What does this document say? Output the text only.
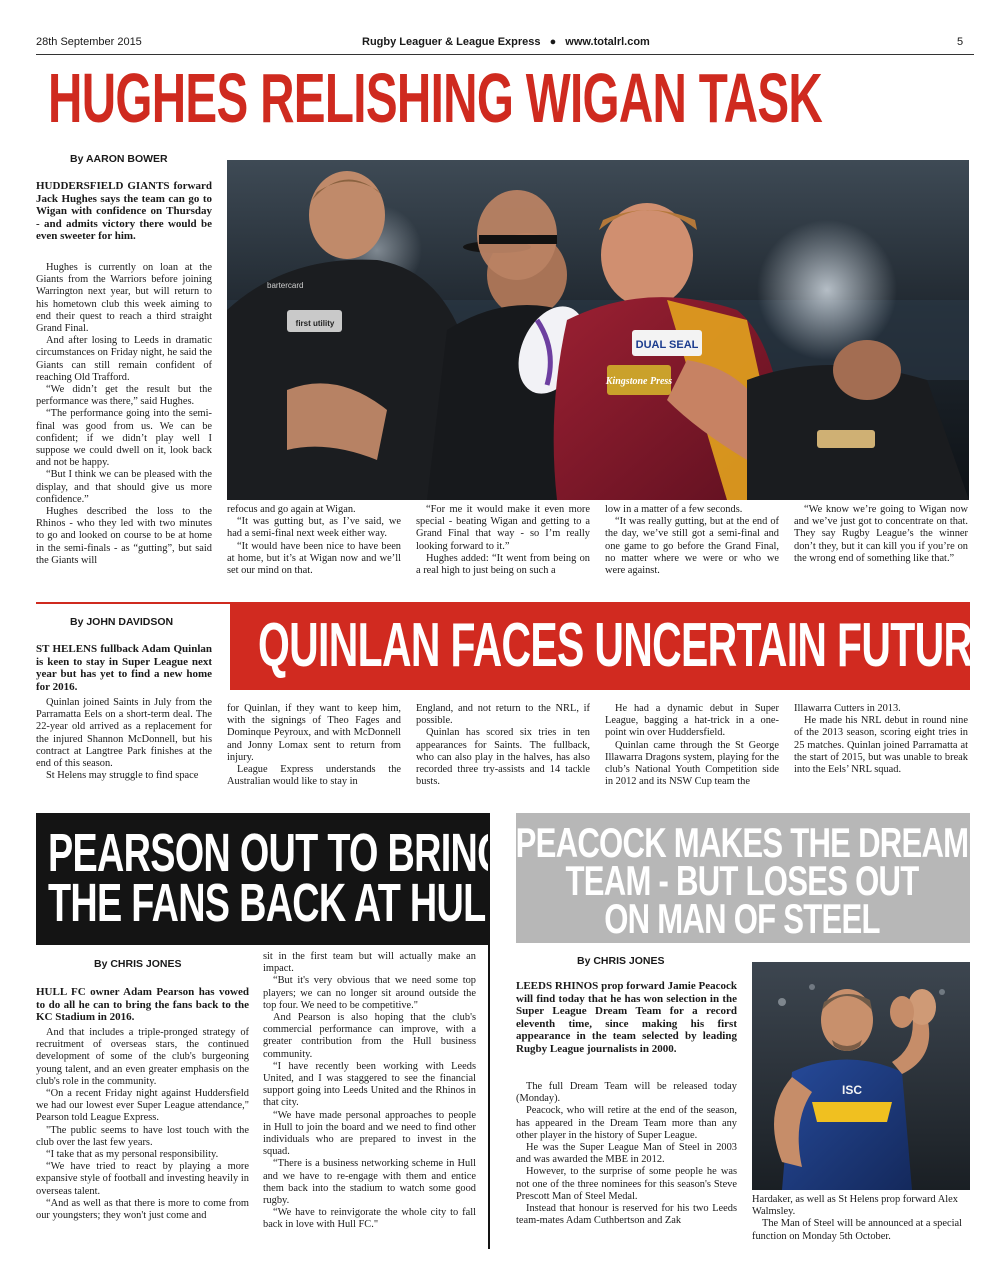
28th September 2015	Rugby Leaguer & League Express ● www.totalrl.com	5
HUGHES RELISHING WIGAN TASK
By AARON BOWER
HUDDERSFIELD GIANTS forward Jack Hughes says the team can go to Wigan with confidence on Thursday - and admits victory there would be even sweeter for him.

Hughes is currently on loan at the Giants from the Warriors before joining Warrington next year, but will return to his hometown club this week aiming to end their quest to reach a third straight Grand Final.

And after losing to Leeds in dramatic circumstances on Friday night, he said the Giants can still remain confident of reaching Old Trafford.

“We didn’t get the result but the performance was there,” said Hughes.

“The performance going into the semi-final was good from us. We can be confident; if we didn’t play well I suppose we could dwell on it, look back and not be happy.

“But I think we can be pleased with the display, and that should give us more confidence.”

Hughes described the loss to the Rhinos - who they led with two minutes to go and looked on course to be at home in the semi-finals - as “gutting”, but said the Giants will

DUAL SEAL
Kingstone Press
first utility
bartercard

refocus and go again at Wigan.

“It was gutting but, as I’ve said, we had a semi-final next week either way.

“It would have been nice to have been at home, but it’s at Wigan now and we’ll set our mind on that.

“For me it would make it even more special - beating Wigan and getting to a Grand Final that way - so I’m really looking forward to it.”

Hughes added: “It went from being on a real high to just being on such a

low in a matter of a few seconds.

“It was really gutting, but at the end of the day, we’ve still got a semi-final and one game to go before the Grand Final, no matter where we were or who we were against.

“We know we’re going to Wigan now and we’ve just got to concentrate on that. They say Rugby League’s the winner don’t they, but it can kill you if you’re on the wrong end of something like that.”

QUINLAN FACES UNCERTAIN FUTURE
By JOHN DAVIDSON
ST HELENS fullback Adam Quinlan is keen to stay in Super League next year but has yet to find a new home for 2016.

Quinlan joined Saints in July from the Parramatta Eels on a short-term deal. The 22-year old arrived as a replacement for the injured Shannon McDonnell, but his contract at Langtree Park finishes at the end of this season.

St Helens may struggle to find space

for Quinlan, if they want to keep him, with the signings of Theo Fages and Dominque Peyroux, and with McDonnell and Jonny Lomax sent to return from injury.

League Express understands the Australian would like to stay in

England, and not return to the NRL, if possible.

Quinlan has scored six tries in ten appearances for Saints. The fullback, who can also play in the halves, has also recorded three try-assists and 14 tackle busts.

He had a dynamic debut in Super League, bagging a hat-trick in a one-point win over Huddersfield.

Quinlan came through the St George Illawarra Dragons system, playing for the club’s National Youth Competition side in 2012 and its NSW Cup team the

Illawarra Cutters in 2013.

He made his NRL debut in round nine of the 2013 season, scoring eight tries in 25 matches. Quinlan joined Parramatta at the start of 2015, but was unable to break into the Eels’ NRL squad.

PEARSON OUT TO BRING
THE FANS BACK AT HULL
By CHRIS JONES
HULL FC owner Adam Pearson has vowed to do all he can to bring the fans back to the KC Stadium in 2016.

And that includes a triple-pronged strategy of recruitment of overseas stars, the continued development of some of the club's burgeoning young talent, and an even greater emphasis on the club's role in the community.

“On a recent Friday night against Huddersfield we had our lowest ever Super League attendance," Pearson told League Express.

"The public seems to have lost touch with the club over the last few years.

“I take that as my personal responsibility.

“We have tried to react by playing a more expansive style of football and investing heavily in overseas talent.

“And as well as that there is more to come from our youngsters; they won't just come and

sit in the first team but will actually make an impact.

“But it's very obvious that we need some top players; we can no longer sit around outside the top four. We need to be competitive."

And Pearson is also hoping that the club's commercial performance can improve, with a greater contribution from the Hull business community.

“I have recently been working with Leeds United, and I was staggered to see the financial support going into Leeds United and the Rhinos in that city.

“We have made personal approaches to people in Hull to join the board and we need to find other individuals who are prepared to invest in the squad.

“There is a business networking scheme in Hull and we have to re-engage with them and entice them back into the stadium to watch some good rugby.

“We have to reinvigorate the whole city to fall back in love with Hull FC."

PEACOCK MAKES THE DREAM
TEAM - BUT LOSES OUT
ON MAN OF STEEL
By CHRIS JONES
LEEDS RHINOS prop forward Jamie Peacock will find today that he has won selection in the Super League Dream Team for a record eleventh time, since making his first appearance in the team selected by leading Rugby League journalists in 2000.

The full Dream Team will be released today (Monday).

Peacock, who will retire at the end of the season, has appeared in the Dream Team more than any other player in the history of Super League.

He was the Super League Man of Steel in 2003 and was awarded the MBE in 2012.

However, to the surprise of some people he was not one of the three nominees for this season's Steve Prescott Man of Steel Medal.

Instead that honour is reserved for his two Leeds team-mates Adam Cuthbertson and Zak

ISC

Hardaker, as well as St Helens prop forward Alex Walmsley.

The Man of Steel will be announced at a special function on Monday 5th October.
